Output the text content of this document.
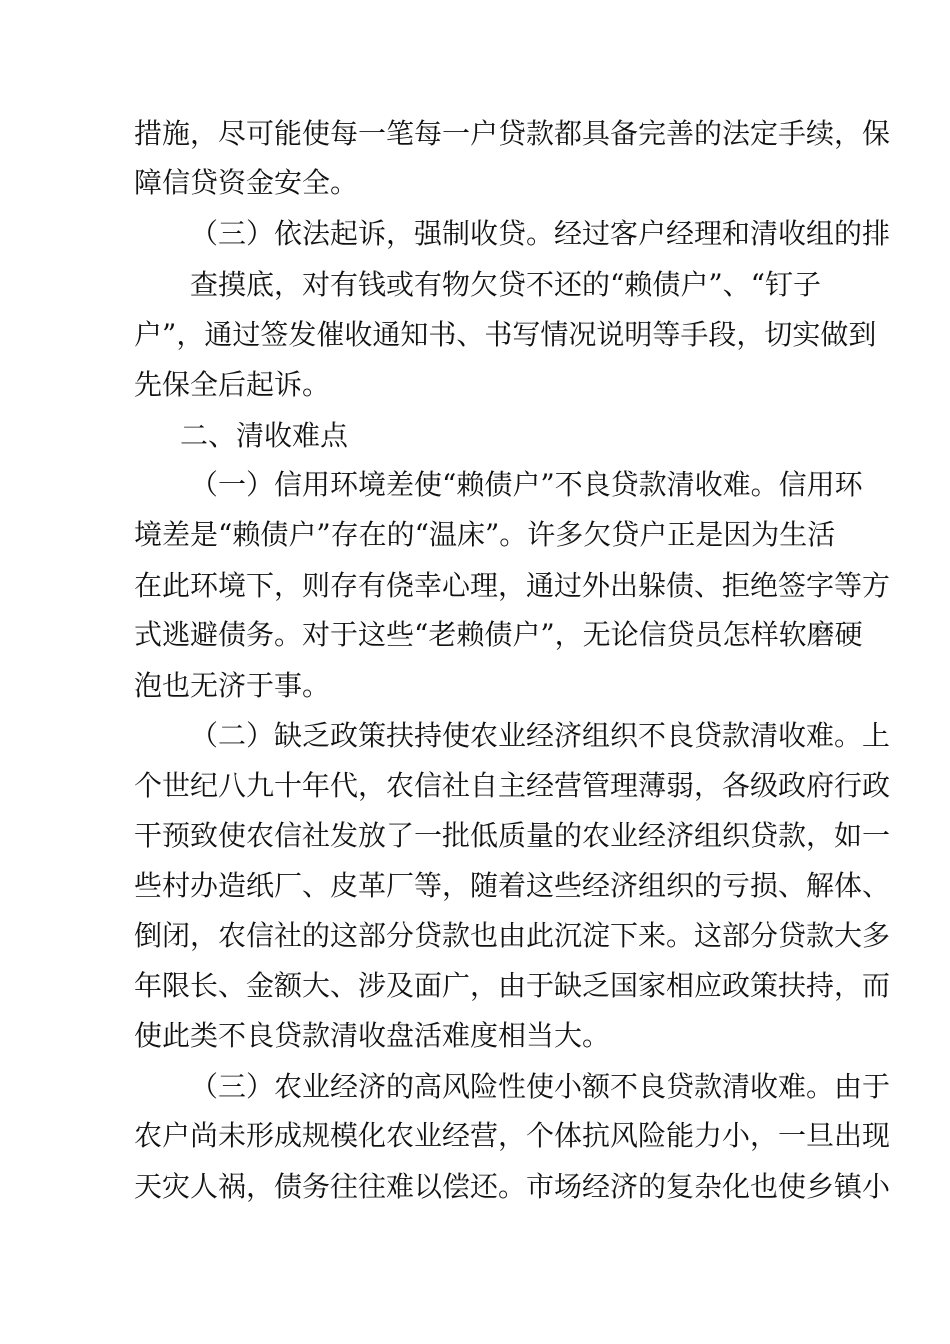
措施，尽可能使每一笔每一户贷款都具备完善的法定手续，保
障信贷资金安全。
（三）依法起诉，强制收贷。经过客户经理和清收组的排
查摸底，对有钱或有物欠贷不还的“赖债户”、“钉子
户”，通过签发催收通知书、书写情况说明等手段，切实做到
先保全后起诉。
二、清收难点
（一）信用环境差使“赖债户”不良贷款清收难。信用环
境差是“赖债户”存在的“温床”。许多欠贷户正是因为生活
在此环境下，则存有侥幸心理，通过外出躲债、拒绝签字等方
式逃避债务。对于这些“老赖债户”，无论信贷员怎样软磨硬
泡也无济于事。
（二）缺乏政策扶持使农业经济组织不良贷款清收难。上
个世纪八九十年代，农信社自主经营管理薄弱，各级政府行政
干预致使农信社发放了一批低质量的农业经济组织贷款，如一
些村办造纸厂、皮革厂等，随着这些经济组织的亏损、解体、
倒闭，农信社的这部分贷款也由此沉淀下来。这部分贷款大多
年限长、金额大、涉及面广，由于缺乏国家相应政策扶持，而
使此类不良贷款清收盘活难度相当大。
（三）农业经济的高风险性使小额不良贷款清收难。由于
农户尚未形成规模化农业经营，个体抗风险能力小，一旦出现
天灾人祸，债务往往难以偿还。市场经济的复杂化也使乡镇小
